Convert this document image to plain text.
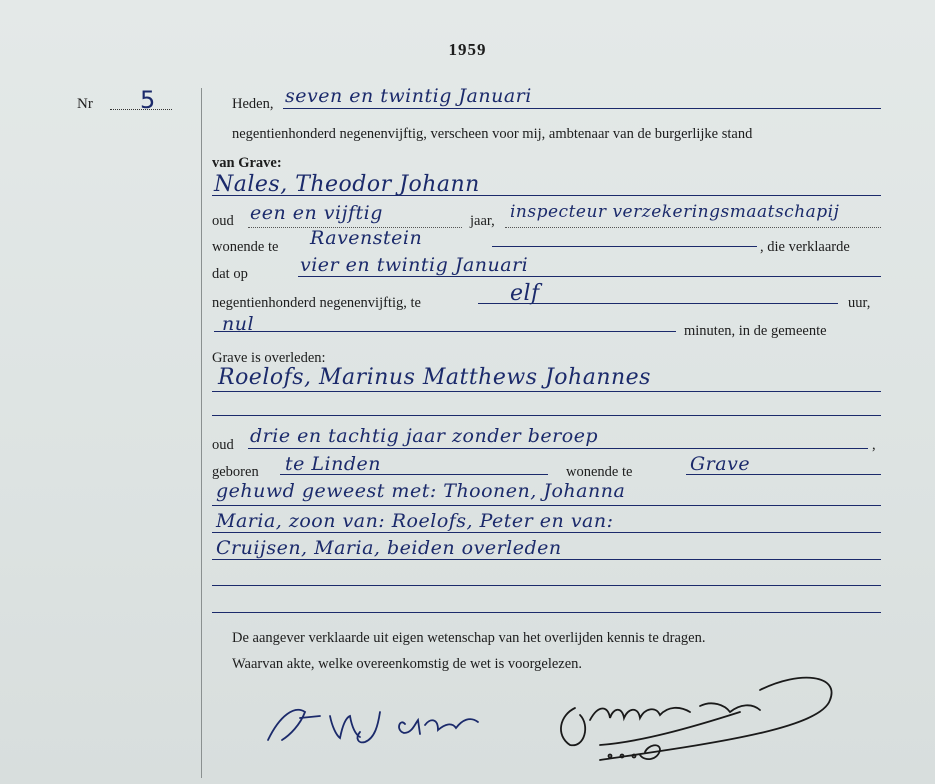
1959
Nr 5	Heden, seven en twintig Januari
negentienhonderd negenenvijftig, verscheen voor mij, ambtenaar van de burgerlijke stand
van Grave:
Nales, Theodor Johann
oud een en vijftig	jaar, inspecteur verzekeringsmaatschapij
wonende te Ravenstein	, die verklaarde
dat op	vier en twintig Januari
negentienhonderd negenenvijftig, te	elf	uur,
nul	minuten, in de gemeente
Grave is overleden:
Roelofs, Marinus Matthews Johannes
oud drie en tachtig jaar zonder beroep	,
geboren te Linden	wonende te	Grave
gehuwd geweest met: Thoonen, Johanna
Maria, zoon van: Roelofs, Peter en van:
Cruijsen, Maria, beiden overleden
De aangever verklaarde uit eigen wetenschap van het overlijden kennis te dragen.
Waarvan akte, welke overeenkomstig de wet is voorgelezen.
